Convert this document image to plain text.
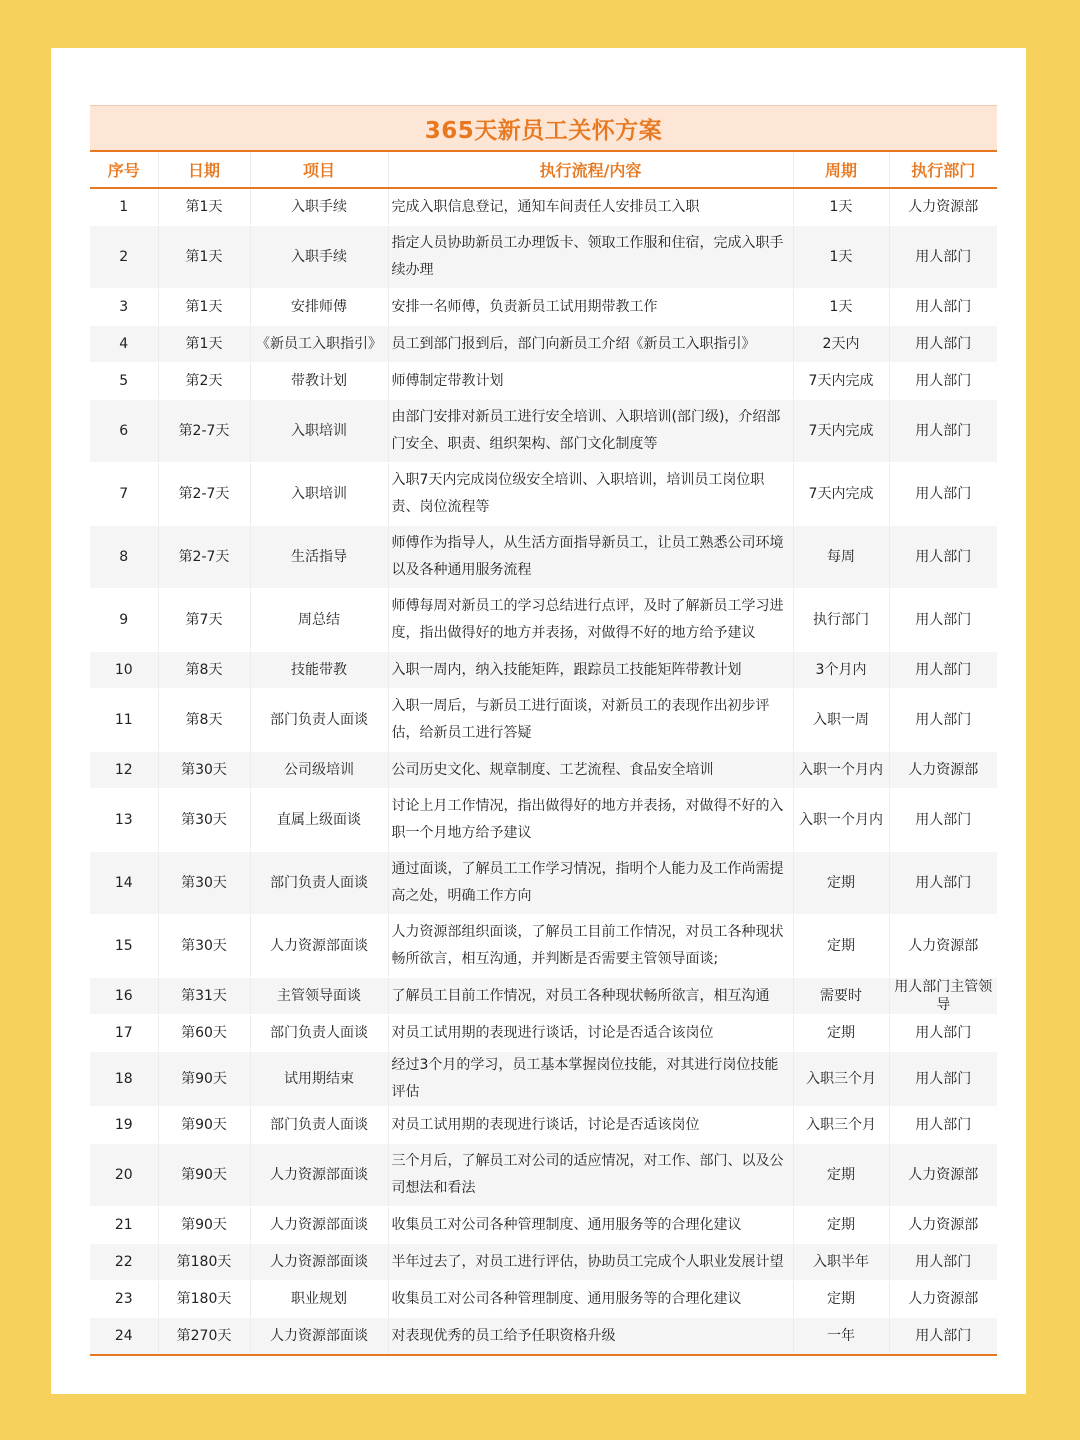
365天新员工关怀方案
序号	日期	项目	执行流程/内容	周期	执行部门
1	第1天	入职手续	完成入职信息登记，通知车间责任人安排员工入职	1天	人力资源部
2	第1天	入职手续	指定人员协助新员工办理饭卡、领取工作服和住宿，完成入职手续办理	1天	用人部门
3	第1天	安排师傅	安排一名师傅，负责新员工试用期带教工作	1天	用人部门
4	第1天	《新员工入职指引》	员工到部门报到后，部门向新员工介绍《新员工入职指引》	2天内	用人部门
5	第2天	带教计划	师傅制定带教计划	7天内完成	用人部门
6	第2-7天	入职培训	由部门安排对新员工进行安全培训、入职培训(部门级)，介绍部门安全、职责、组织架构、部门文化制度等	7天内完成	用人部门
7	第2-7天	入职培训	入职7天内完成岗位级安全培训、入职培训，培训员工岗位职责、岗位流程等	7天内完成	用人部门
8	第2-7天	生活指导	师傅作为指导人，从生活方面指导新员工，让员工熟悉公司环境以及各种通用服务流程	每周	用人部门
9	第7天	周总结	师傅每周对新员工的学习总结进行点评，及时了解新员工学习进度，指出做得好的地方并表扬，对做得不好的地方给予建议	执行部门	用人部门
10	第8天	技能带教	入职一周内，纳入技能矩阵，跟踪员工技能矩阵带教计划	3个月内	用人部门
11	第8天	部门负责人面谈	入职一周后，与新员工进行面谈，对新员工的表现作出初步评估，给新员工进行答疑	入职一周	用人部门
12	第30天	公司级培训	公司历史文化、规章制度、工艺流程、食品安全培训	入职一个月内	人力资源部
13	第30天	直属上级面谈	讨论上月工作情况，指出做得好的地方并表扬，对做得不好的入职一个月地方给予建议	入职一个月内	用人部门
14	第30天	部门负责人面谈	通过面谈，了解员工工作学习情况，指明个人能力及工作尚需提高之处，明确工作方向	定期	用人部门
15	第30天	人力资源部面谈	人力资源部组织面谈，了解员工目前工作情况，对员工各种现状畅所欲言，相互沟通，并判断是否需要主管领导面谈;	定期	人力资源部
16	第31天	主管领导面谈	了解员工目前工作情况，对员工各种现状畅所欲言，相互沟通	需要时	用人部门主管领导
17	第60天	部门负责人面谈	对员工试用期的表现进行谈话，讨论是否适合该岗位	定期	用人部门
18	第90天	试用期结束	经过3个月的学习，员工基本掌握岗位技能，对其进行岗位技能评估	入职三个月	用人部门
19	第90天	部门负责人面谈	对员工试用期的表现进行谈话，讨论是否适该岗位	入职三个月	用人部门
20	第90天	人力资源部面谈	三个月后，了解员工对公司的适应情况，对工作、部门、以及公司想法和看法	定期	人力资源部
21	第90天	人力资源部面谈	收集员工对公司各种管理制度、通用服务等的合理化建议	定期	人力资源部
22	第180天	人力资源部面谈	半年过去了，对员工进行评估，协助员工完成个人职业发展计望	入职半年	用人部门
23	第180天	职业规划	收集员工对公司各种管理制度、通用服务等的合理化建议	定期	人力资源部
24	第270天	人力资源部面谈	对表现优秀的员工给予任职资格升级	一年	用人部门
